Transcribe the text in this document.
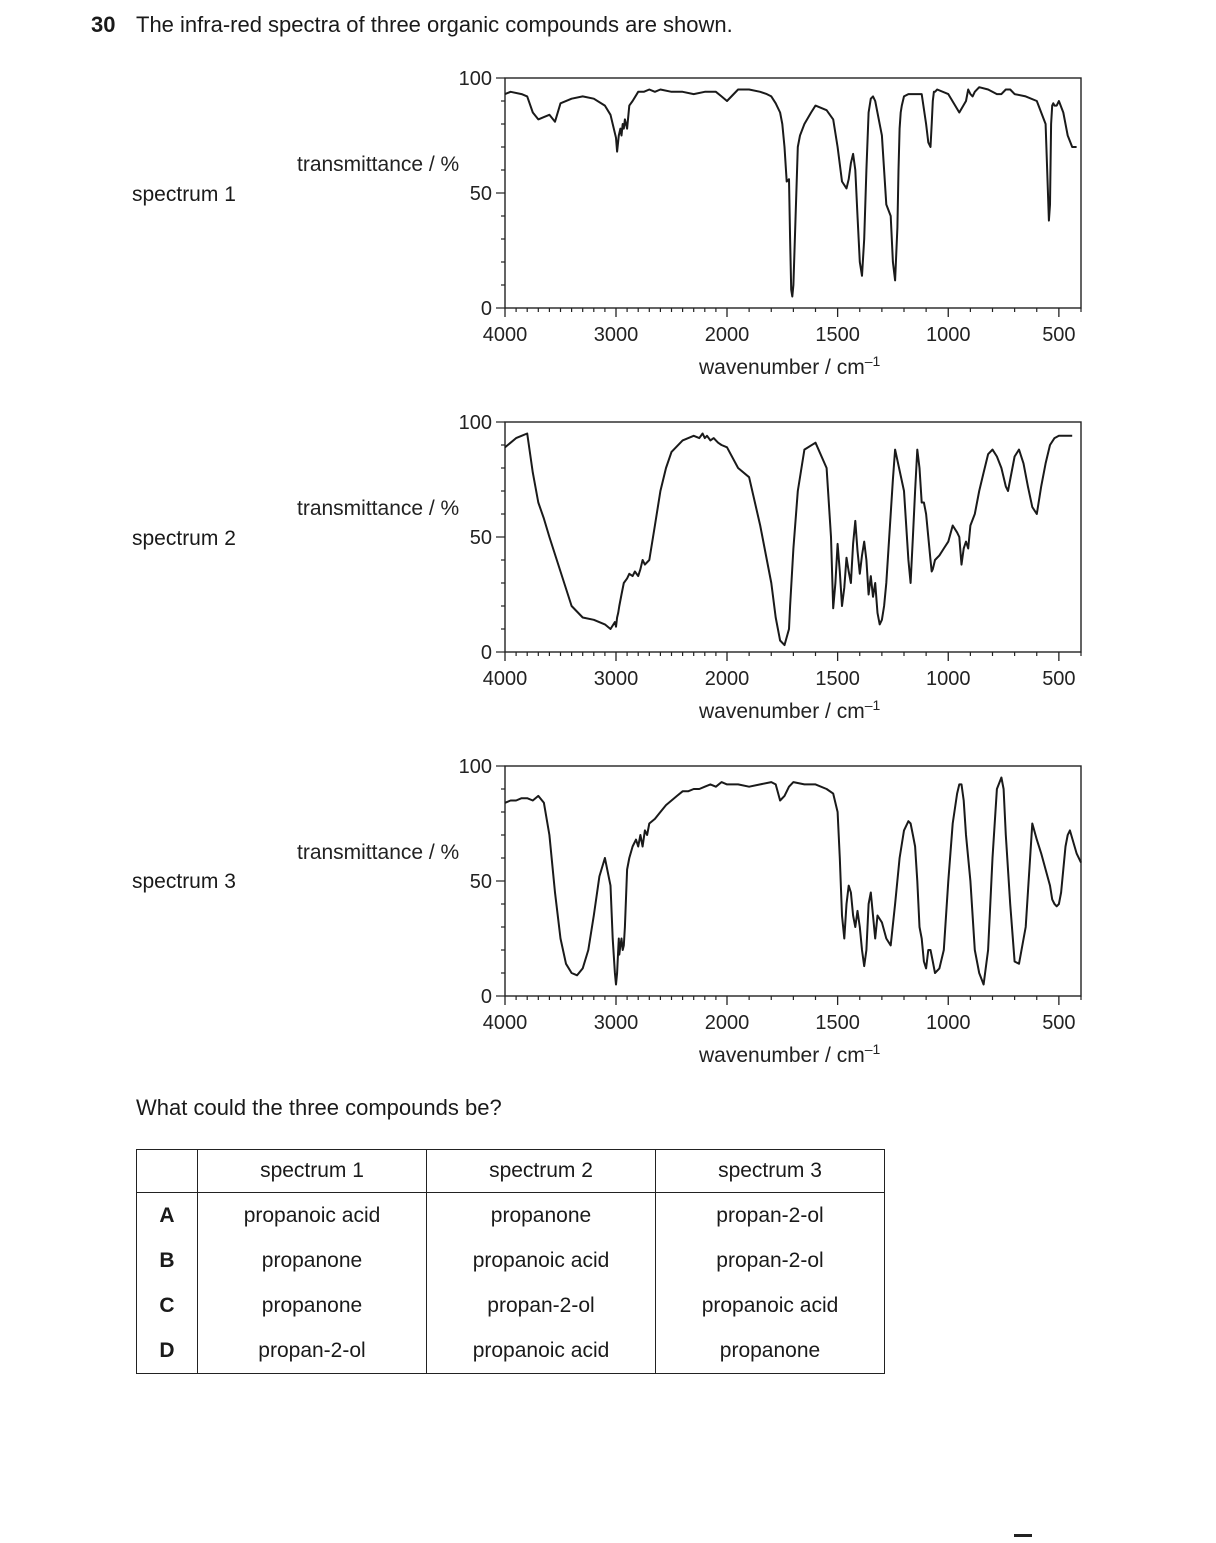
30 The infra-red spectra of three organic compounds are shown.
spectrum 1
spectrum 2
spectrum 3
0
50
100
4000	3000	2000	1500	1000	500
transmittance / %
wavenumber / $cm^{-1}$
0
50
100
4000	3000	2000	1500	1000	500
transmittance / %
wavenumber / $cm^{-1}$
0
50
100
4000	3000	2000	1500	1000	500
transmittance / %
wavenumber / $cm^{-1}$
What could the three compounds be?
	spectrum 1	spectrum 2	spectrum 3
A	propanoic acid	propanone	propan-2-ol
B	propanone	propanoic acid	propan-2-ol
C	propanone	propan-2-ol	propanoic acid
D	propan-2-ol	propanoic acid	propanone
